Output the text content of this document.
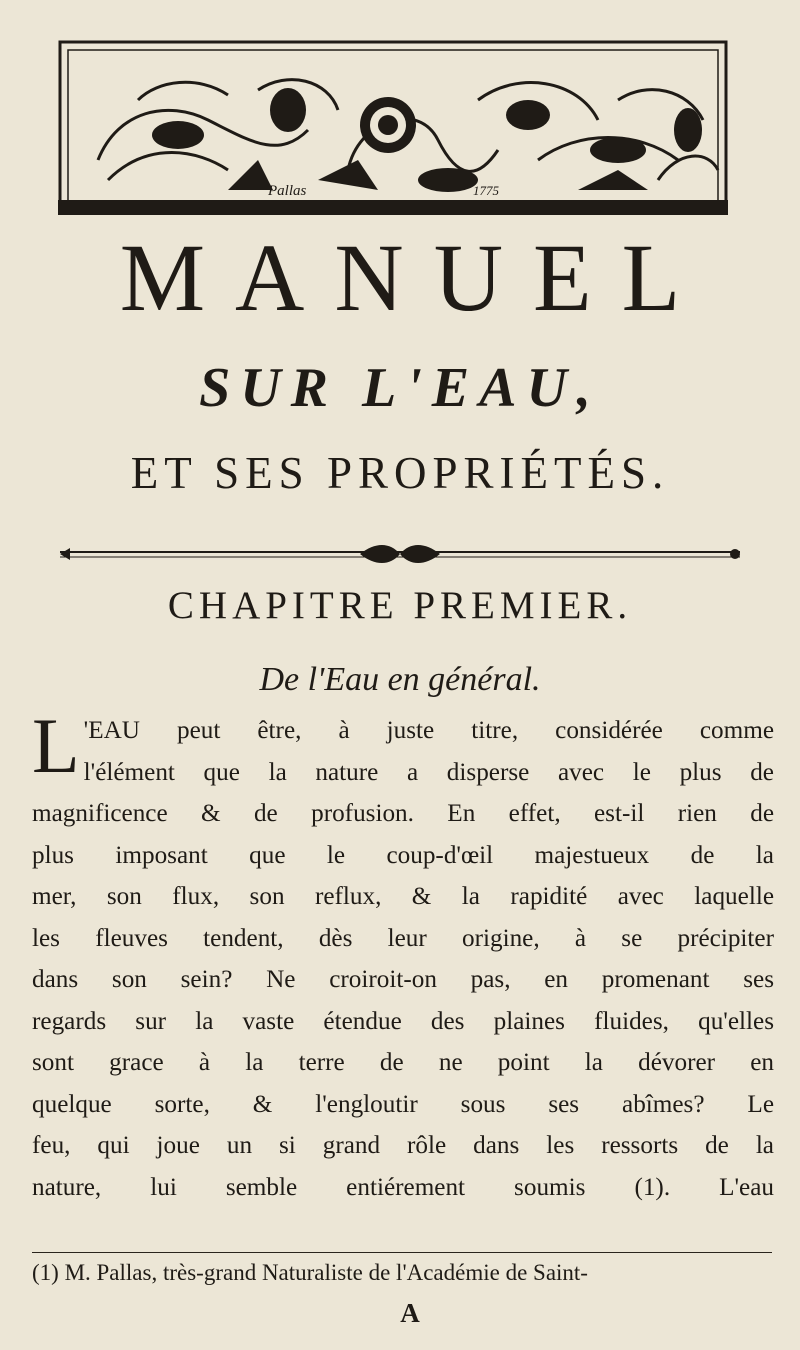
Pallas	1775
MANUEL
SUR L'EAU,
ET SES PROPRIÉTÉS.
CHAPITRE PREMIER.
De l'Eau en général.
L 'EAU peut être, à juste titre, considérée comme
l'élément que la nature a disperse avec le plus de
magnificence & de profusion. En effet, est-il rien de
plus imposant que le coup-d'œil majestueux de la
mer, son flux, son reflux, & la rapidité avec laquelle
les fleuves tendent, dès leur origine, à se précipiter
dans son sein? Ne croiroit-on pas, en promenant ses
regards sur la vaste étendue des plaines fluides, qu'elles
sont grace à la terre de ne point la dévorer en
quelque sorte, & l'engloutir sous ses abîmes? Le
feu, qui joue un si grand rôle dans les ressorts de la
nature, lui semble entiérement soumis (1). L'eau
(1) M. Pallas, très-grand Naturaliste de l'Académie de Saint-
A
